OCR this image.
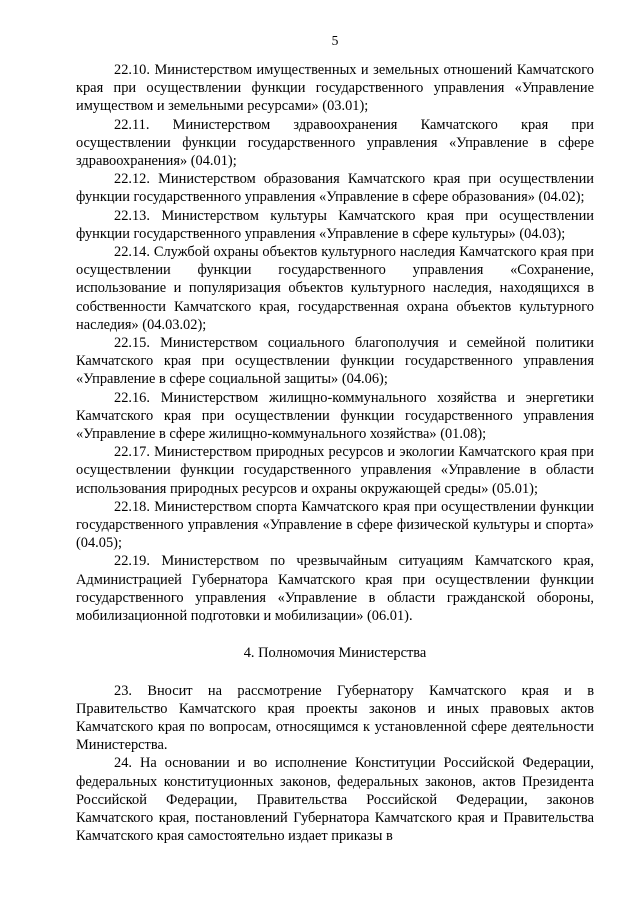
5

22.10. Министерством имущественных и земельных отношений Камчатского края при осуществлении функции государственного управления «Управление имуществом и земельными ресурсами» (03.01);

22.11. Министерством здравоохранения Камчатского края при осуществлении функции государственного управления «Управление в сфере здравоохранения» (04.01);

22.12. Министерством образования Камчатского края при осуществлении функции государственного управления «Управление в сфере образования» (04.02);

22.13. Министерством культуры Камчатского края при осуществлении функции государственного управления «Управление в сфере культуры» (04.03);

22.14. Службой охраны объектов культурного наследия Камчатского края при осуществлении функции государственного управления «Сохранение, использование и популяризация объектов культурного наследия, находящихся в собственности Камчатского края, государственная охрана объектов культурного наследия» (04.03.02);

22.15. Министерством социального благополучия и семейной политики Камчатского края при осуществлении функции государственного управления «Управление в сфере социальной защиты» (04.06);

22.16. Министерством жилищно-коммунального хозяйства и энергетики Камчатского края при осуществлении функции государственного управления «Управление в сфере жилищно-коммунального хозяйства» (01.08);

22.17. Министерством природных ресурсов и экологии Камчатского края при осуществлении функции государственного управления «Управление в области использования природных ресурсов и охраны окружающей среды» (05.01);

22.18. Министерством спорта Камчатского края при осуществлении функции государственного управления «Управление в сфере физической культуры и спорта» (04.05);

22.19. Министерством по чрезвычайным ситуациям Камчатского края, Администрацией Губернатора Камчатского края при осуществлении функции государственного управления «Управление в области гражданской обороны, мобилизационной подготовки и мобилизации» (06.01).

4. Полномочия Министерства

23. Вносит на рассмотрение Губернатору Камчатского края и в Правительство Камчатского края проекты законов и иных правовых актов Камчатского края по вопросам, относящимся к установленной сфере деятельности Министерства.

24. На основании и во исполнение Конституции Российской Федерации, федеральных конституционных законов, федеральных законов, актов Президента Российской Федерации, Правительства Российской Федерации, законов Камчатского края, постановлений Губернатора Камчатского края и Правительства Камчатского края самостоятельно издает приказы в
